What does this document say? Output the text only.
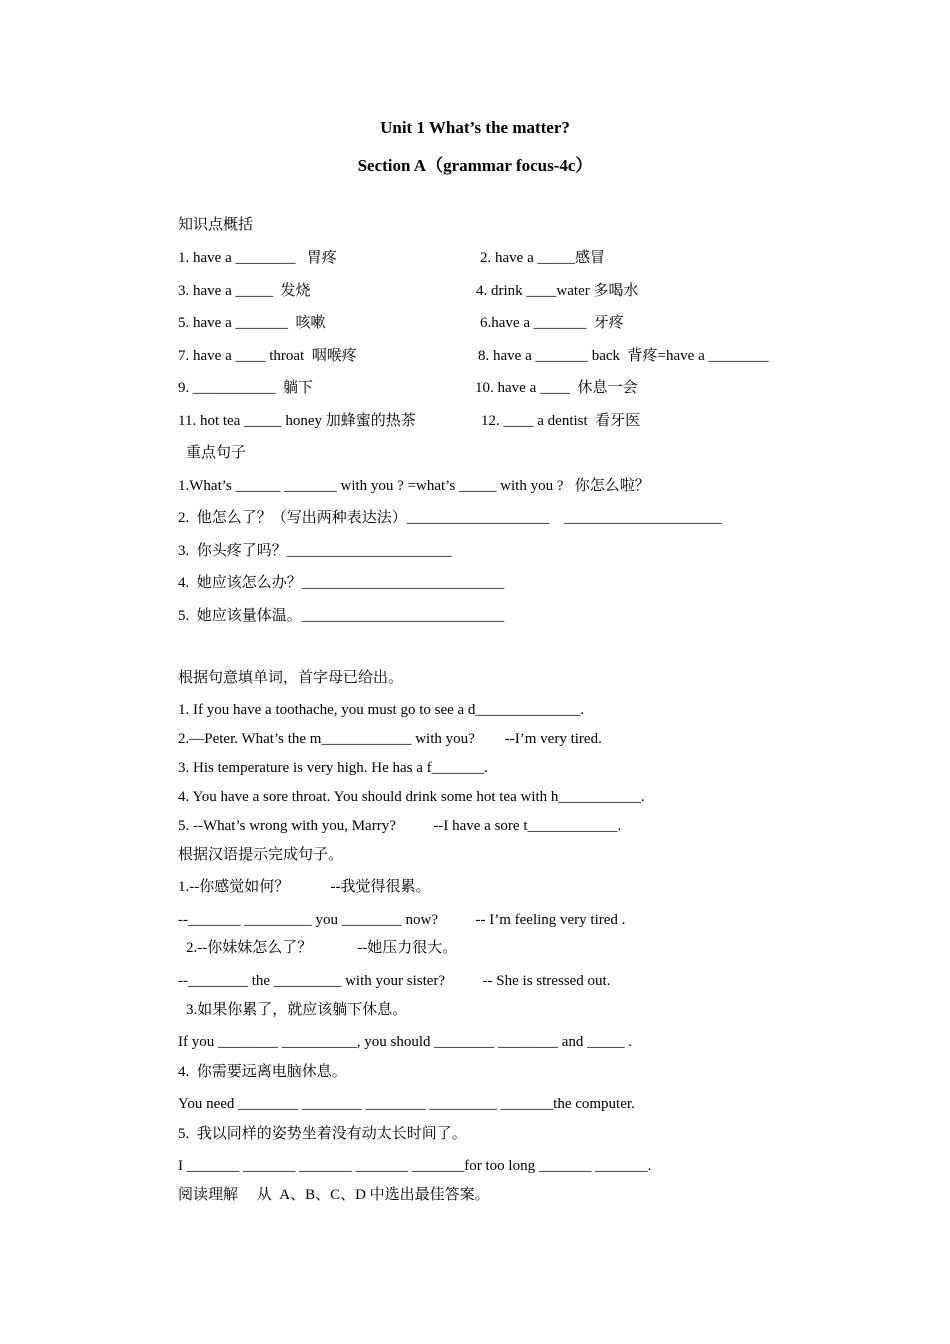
Unit 1 What’s the matter?
Section A（grammar focus-4c）
知识点概括
1. have a ________   胃疼	2. have a _____感冒
3. have a _____  发烧	4. drink ____water 多喝水
5. have a _______  咳嗽	6.have a _______  牙疼
7. have a ____ throat  咽喉疼	8. have a _______ back  背疼=have a ________
9. ___________  躺下	10. have a ____  休息一会
11. hot tea _____ honey 加蜂蜜的热茶	12. ____ a dentist  看牙医
重点句子
1.What’s ______ _______ with you ? =what’s _____ with you ?   你怎么啦？
2.  他怎么了？（写出两种表达法）___________________    _____________________
3.  你头疼了吗？______________________
4.  她应该怎么办？___________________________
5.  她应该量体温。___________________________
根据句意填单词，首字母已给出。
1. If you have a toothache, you must go to see a d______________.
2.—Peter. What’s the m____________ with you?        --I’m very tired.
3. His temperature is very high. He has a f_______.
4. You have a sore throat. You should drink some hot tea with h___________.
5. --What’s wrong with you, Marry?          --I have a sore t____________.
根据汉语提示完成句子。
1.--你感觉如何？           --我觉得很累。
--_______ _________ you ________ now?          -- I’m feeling very tired .
2.--你妹妹怎么了？            --她压力很大。
--________ the _________ with your sister?          -- She is stressed out.
3.如果你累了，就应该躺下休息。
If you ________ __________, you should ________ ________ and _____ .
4.  你需要远离电脑休息。
You need ________ ________ ________ _________ _______the computer.
5.  我以同样的姿势坐着没有动太长时间了。
I _______ _______ _______ _______ _______for too long _______ _______.
阅读理解     从  A、B、C、D 中选出最佳答案。
